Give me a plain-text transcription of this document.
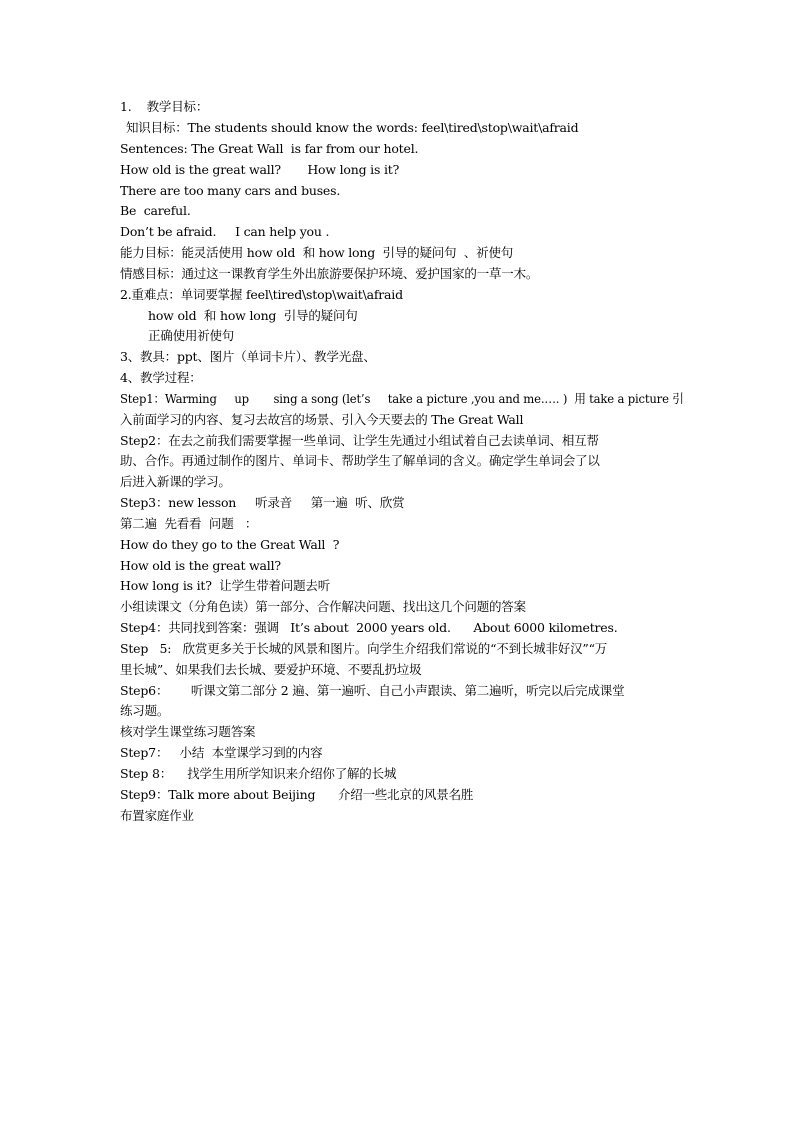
1.    教学目标：
知识目标：The students should know the words: feel\tired\stop\wait\afraid
Sentences: The Great Wall  is far from our hotel.
How old is the great wall?       How long is it?
There are too many cars and buses.
Be  careful.
Don’t be afraid.     I can help you .
能力目标：能灵活使用 how old  和 how long  引导的疑问句  、祈使句
情感目标：通过这一课教育学生外出旅游要保护环境、爱护国家的一草一木。
2.重难点：单词要掌握 feel\tired\stop\wait\afraid
how old  和 how long  引导的疑问句
正确使用祈使句
3、教具：ppt、图片（单词卡片）、教学光盘、
4、教学过程：
Step1：Warming     up       sing a song (let’s     take a picture ,you and me.…. )  用 take a picture 引
入前面学习的内容、复习去故宫的场景、引入今天要去的 The Great Wall
Step2：在去之前我们需要掌握一些单词、让学生先通过小组试着自己去读单词、相互帮
助、合作。再通过制作的图片、单词卡、帮助学生了解单词的含义。确定学生单词会了以
后进入新课的学习。
Step3：new lesson     听录音     第一遍  听、欣赏
第二遍  先看看  问题   ：
How do they go to the Great Wall  ?
How old is the great wall?
How long is it?  让学生带着问题去听
小组读课文（分角色读）第一部分、合作解决问题、找出这几个问题的答案
Step4：共同找到答案：强调   It’s about  2000 years old.      About 6000 kilometres.
Step   5:   欣赏更多关于长城的风景和图片。向学生介绍我们常说的“不到长城非好汉”“万
里长城”、如果我们去长城、要爱护环境、不要乱扔垃圾
Step6：      听课文第二部分 2 遍、第一遍听、自己小声跟读、第二遍听，听完以后完成课堂
练习题。
核对学生课堂练习题答案
Step7：   小结  本堂课学习到的内容
Step 8：    找学生用所学知识来介绍你了解的长城
Step9：Talk more about Beijing      介绍一些北京的风景名胜
布置家庭作业
